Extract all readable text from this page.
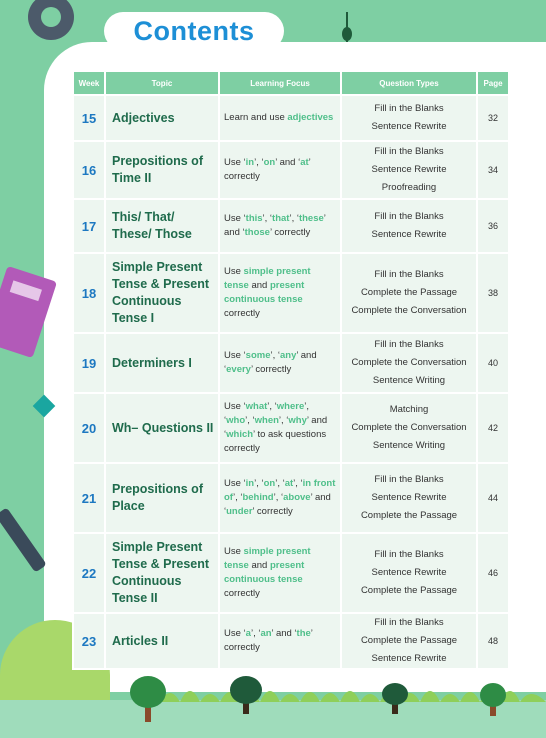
Contents
Week	Topic	Learning Focus	Question Types	Page
15	Adjectives	Learn and use adjectives	Fill in the Blanks
Sentence Rewrite	32
16	Prepositions of Time II	Use ‘in’, ‘on’ and ‘at’ correctly	Fill in the Blanks
Sentence Rewrite
Proofreading	34
17	This/ That/ These/ Those	Use ‘this’, ‘that’, ‘these’ and ‘those’ correctly	Fill in the Blanks
Sentence Rewrite	36
18	Simple Present Tense & Present Continuous Tense I	Use simple present tense and present continuous tense correctly	Fill in the Blanks
Complete the Passage
Complete the Conversation	38
19	Determiners I	Use ‘some’, ‘any’ and ‘every’ correctly	Fill in the Blanks
Complete the Conversation
Sentence Writing	40
20	Wh– Questions II	Use ‘what’, ‘where’, ‘who’, ‘when’, ‘why’ and ‘which’ to ask questions correctly	Matching
Complete the Conversation
Sentence Writing	42
21	Prepositions of Place	Use ‘in’, ‘on’, ‘at’, ‘in front of’, ‘behind’, ‘above’ and ‘under’ correctly	Fill in the Blanks
Sentence Rewrite
Complete the Passage	44
22	Simple Present Tense & Present Continuous Tense II	Use simple present tense and present continuous tense correctly	Fill in the Blanks
Sentence Rewrite
Complete the Passage	46
23	Articles II	Use ‘a’, ‘an’ and ‘the’ correctly	Fill in the Blanks
Complete the Passage
Sentence Rewrite	48
